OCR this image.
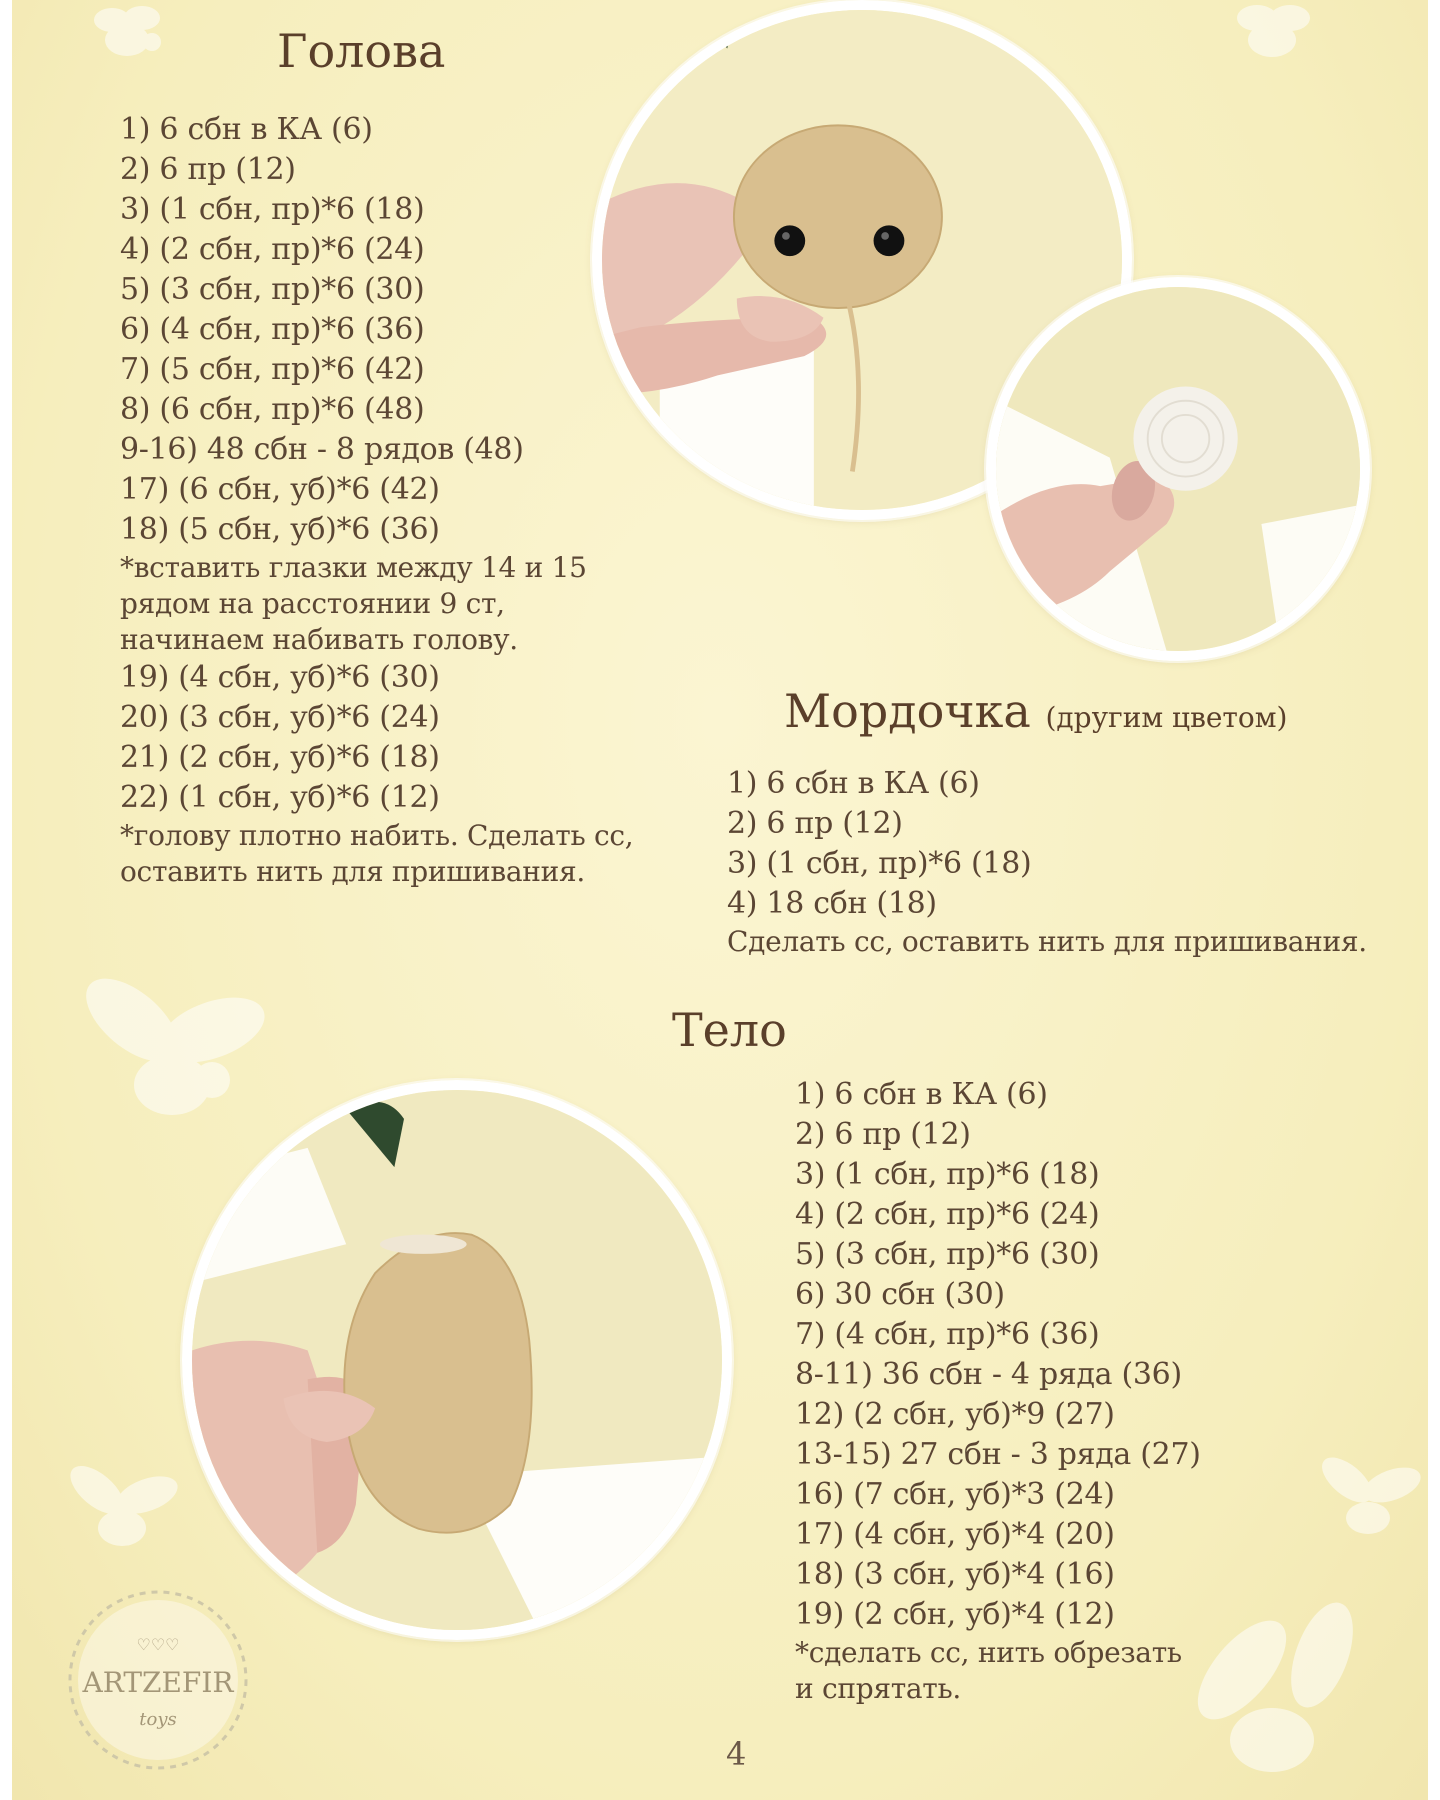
Голова
1) 6 сбн в КА (6)
2) 6 пр (12)
3) (1 сбн, пр)*6 (18)
4) (2 сбн, пр)*6 (24)
5) (3 сбн, пр)*6 (30)
6) (4 сбн, пр)*6 (36)
7) (5 сбн, пр)*6 (42)
8) (6 сбн, пр)*6 (48)
9-16) 48 сбн - 8 рядов (48)
17) (6 сбн, уб)*6 (42)
18) (5 сбн, уб)*6 (36)
*вставить глазки между 14 и 15
рядом на расстоянии 9 ст,
начинаем набивать голову.
19) (4 сбн, уб)*6 (30)
20) (3 сбн, уб)*6 (24)
21) (2 сбн, уб)*6 (18)
22) (1 сбн, уб)*6 (12)
*голову плотно набить. Сделать сс,
оставить нить для пришивания.
Мордочка (другим цветом)
1) 6 сбн в КА (6)
2) 6 пр (12)
3) (1 сбн, пр)*6 (18)
4) 18 сбн (18)
Сделать сс, оставить нить для пришивания.
Тело
1) 6 сбн в КА (6)
2) 6 пр (12)
3) (1 сбн, пр)*6 (18)
4) (2 сбн, пр)*6 (24)
5) (3 сбн, пр)*6 (30)
6) 30 сбн (30)
7) (4 сбн, пр)*6 (36)
8-11) 36 сбн - 4 ряда (36)
12) (2 сбн, уб)*9 (27)
13-15) 27 сбн - 3 ряда (27)
16) (7 сбн, уб)*3 (24)
17) (4 сбн, уб)*4 (20)
18) (3 сбн, уб)*4 (16)
19) (2 сбн, уб)*4 (12)
*сделать сс, нить обрезать
и спрятать.
♡♡♡
ARTZEFIR
toys
4
